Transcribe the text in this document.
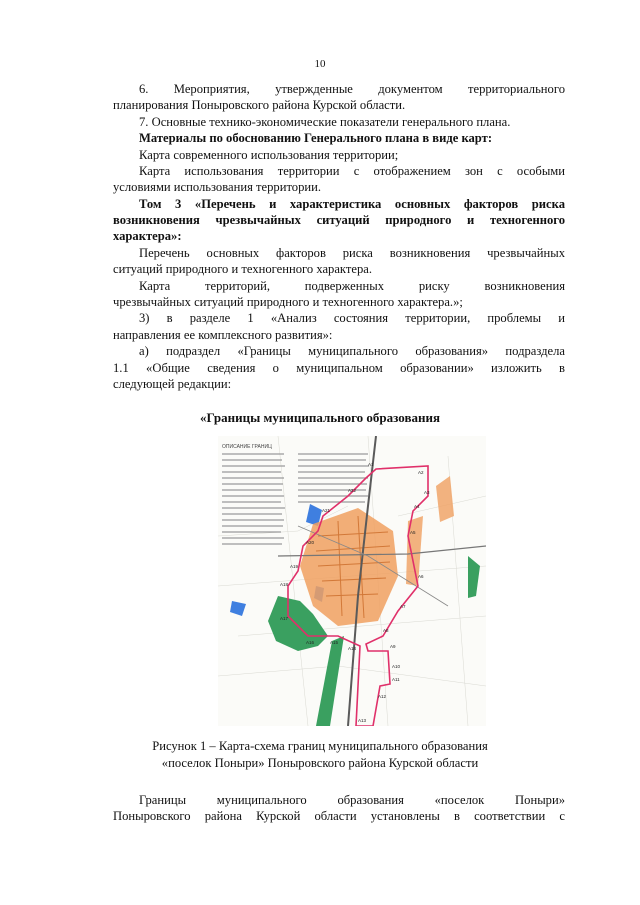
10

6. Мероприятия, утвержденные документом территориального

планирования Поныровского района Курской области.

7. Основные технико-экономические показатели генерального плана.

Материалы по обоснованию Генерального плана в виде карт:

Карта современного использования территории;

Карта использования территории с отображением зон с особыми

условиями использования территории.

Том 3 «Перечень и характеристика основных факторов риска

возникновения чрезвычайных ситуаций природного и техногенного

характера»:

Перечень основных факторов риска возникновения чрезвычайных

ситуаций природного и техногенного характера.

Карта территорий, подверженных риску возникновения

чрезвычайных ситуаций природного и техногенного характера.»;

3) в разделе 1 «Анализ состояния территории, проблемы и

направления ее комплексного развития»:

а) подраздел «Границы муниципального образования» подраздела

1.1 «Общие сведения о муниципальном образовании» изложить в

следующей редакции:

«Границы муниципального образования
ОПИСАНИЕ ГРАНИЦ
А1
А2
А3
А4
А5
А6
А7
А8
А9
А10
А11
А12
А13
А14
А15
А16
А17
А18
А19
А20
А21
А22
Рисунок 1 – Карта-схема границ муниципального образования
«поселок Поныри» Поныровского района Курской области
Границы муниципального образования «поселок Поныри»
Поныровского района Курской области установлены в соответствии с
